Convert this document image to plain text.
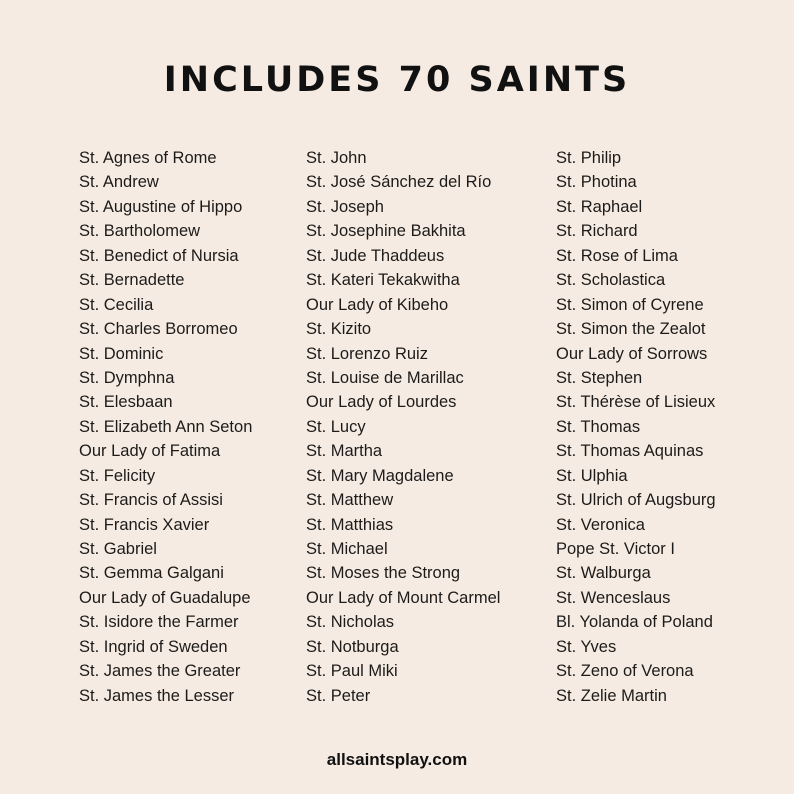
INCLUDES 70 SAINTS
St. Agnes of Rome
St. Andrew
St. Augustine of Hippo
St. Bartholomew
St. Benedict of Nursia
St. Bernadette
St. Cecilia
St. Charles Borromeo
St. Dominic
St. Dymphna
St. Elesbaan
St. Elizabeth Ann Seton
Our Lady of Fatima
St. Felicity
St. Francis of Assisi
St. Francis Xavier
St. Gabriel
St. Gemma Galgani
Our Lady of Guadalupe
St. Isidore the Farmer
St. Ingrid of Sweden
St. James the Greater
St. James the Lesser
St. John
St. José Sánchez del Río
St. Joseph
St. Josephine Bakhita
St. Jude Thaddeus
St. Kateri Tekakwitha
Our Lady of Kibeho
St. Kizito
St. Lorenzo Ruiz
St. Louise de Marillac
Our Lady of Lourdes
St. Lucy
St. Martha
St. Mary Magdalene
St. Matthew
St. Matthias
St. Michael
St. Moses the Strong
Our Lady of Mount Carmel
St. Nicholas
St. Notburga
St. Paul Miki
St. Peter
St. Philip
St. Photina
St. Raphael
St. Richard
St. Rose of Lima
St. Scholastica
St. Simon of Cyrene
St. Simon the Zealot
Our Lady of Sorrows
St. Stephen
St. Thérèse of Lisieux
St. Thomas
St. Thomas Aquinas
St. Ulphia
St. Ulrich of Augsburg
St. Veronica
Pope St. Victor I
St. Walburga
St. Wenceslaus
Bl. Yolanda of Poland
St. Yves
St. Zeno of Verona
St. Zelie Martin
allsaintsplay.com
